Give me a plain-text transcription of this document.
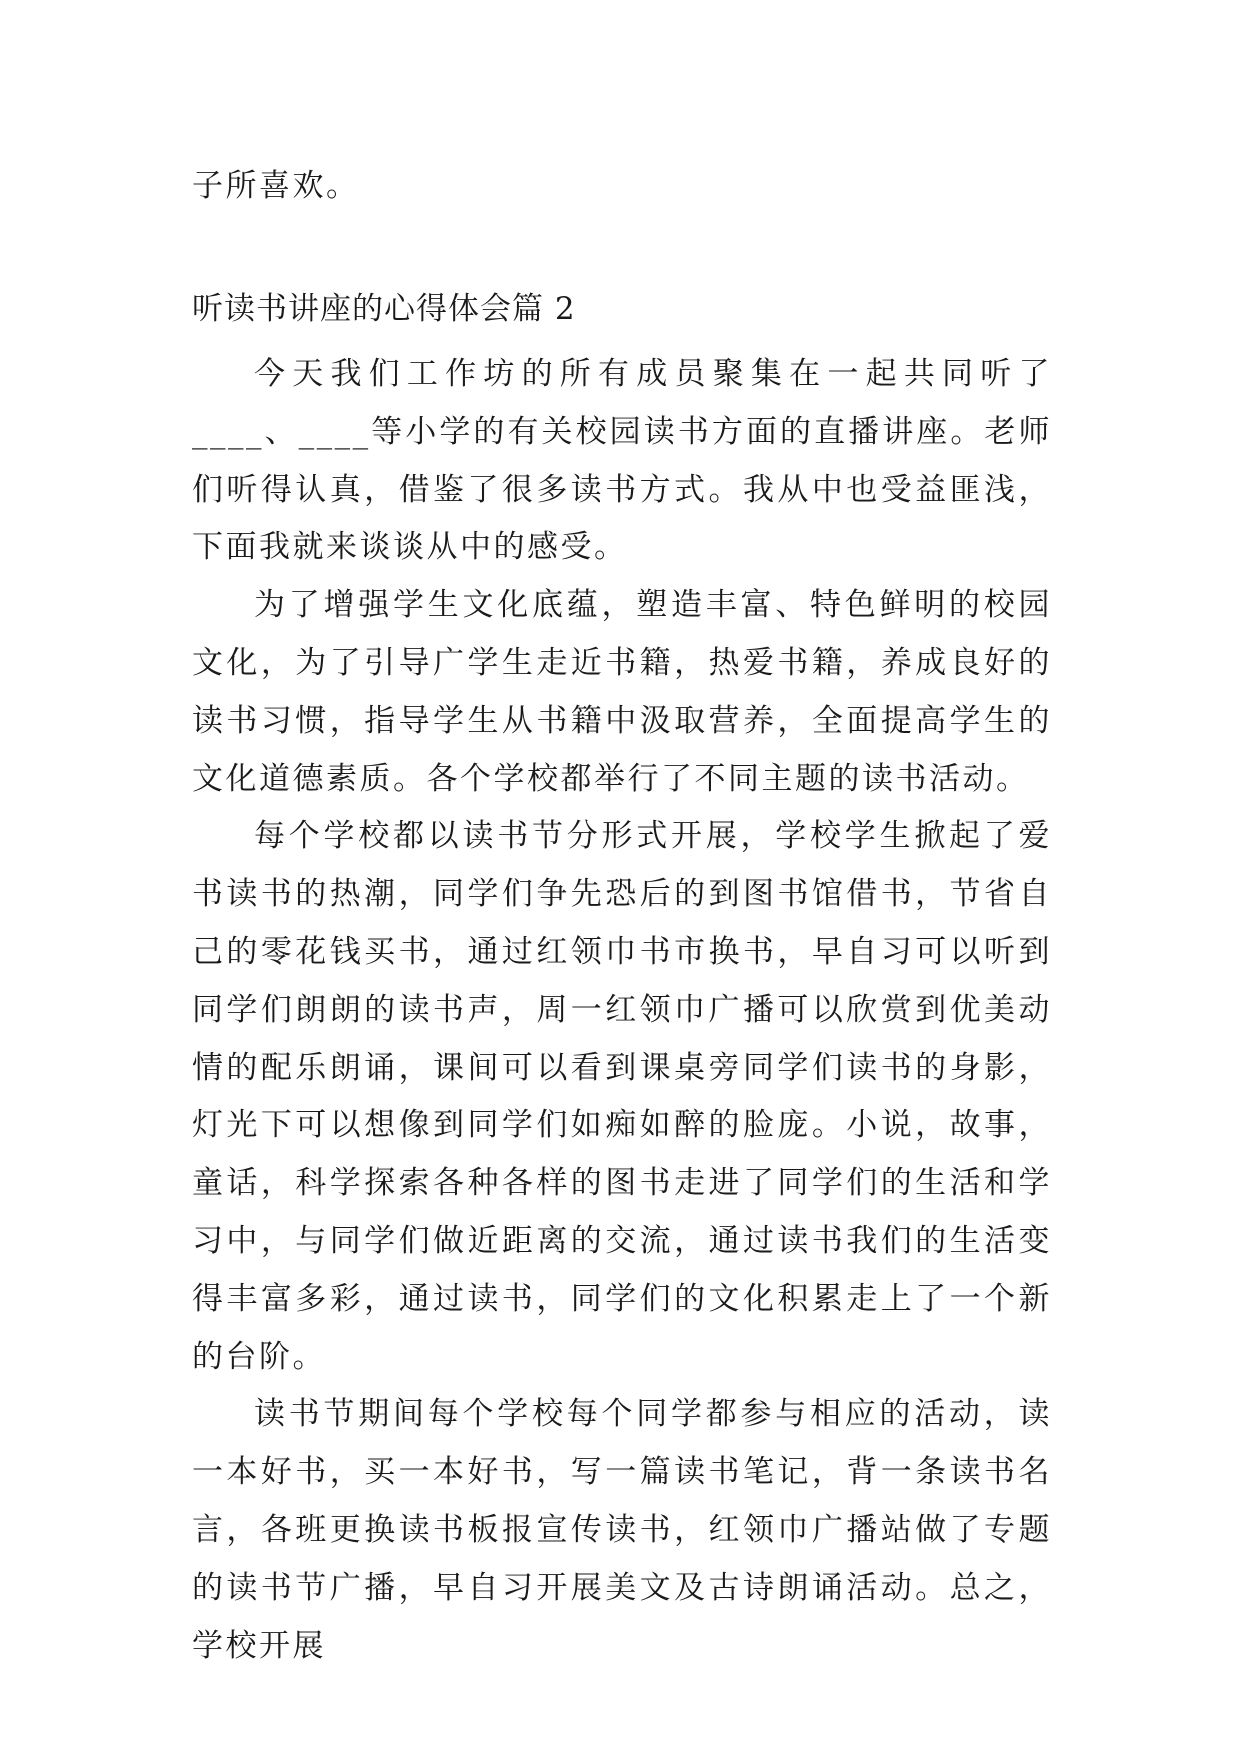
子所喜欢。

听读书讲座的心得体会篇 2

今天我们工作坊的所有成员聚集在一起共同听了____、____等小学的有关校园读书方面的直播讲座。老师们听得认真，借鉴了很多读书方式。我从中也受益匪浅，下面我就来谈谈从中的感受。

为了增强学生文化底蕴，塑造丰富、特色鲜明的校园文化，为了引导广学生走近书籍，热爱书籍，养成良好的读书习惯，指导学生从书籍中汲取营养，全面提高学生的文化道德素质。各个学校都举行了不同主题的读书活动。

每个学校都以读书节分形式开展，学校学生掀起了爱书读书的热潮，同学们争先恐后的到图书馆借书，节省自己的零花钱买书，通过红领巾书市换书，早自习可以听到同学们朗朗的读书声，周一红领巾广播可以欣赏到优美动情的配乐朗诵，课间可以看到课桌旁同学们读书的身影，灯光下可以想像到同学们如痴如醉的脸庞。小说，故事，童话，科学探索各种各样的图书走进了同学们的生活和学习中，与同学们做近距离的交流，通过读书我们的生活变得丰富多彩，通过读书，同学们的文化积累走上了一个新的台阶。

读书节期间每个学校每个同学都参与相应的活动，读一本好书，买一本好书，写一篇读书笔记，背一条读书名言，各班更换读书板报宣传读书，红领巾广播站做了专题的读书节广播，早自习开展美文及古诗朗诵活动。总之，学校开展
